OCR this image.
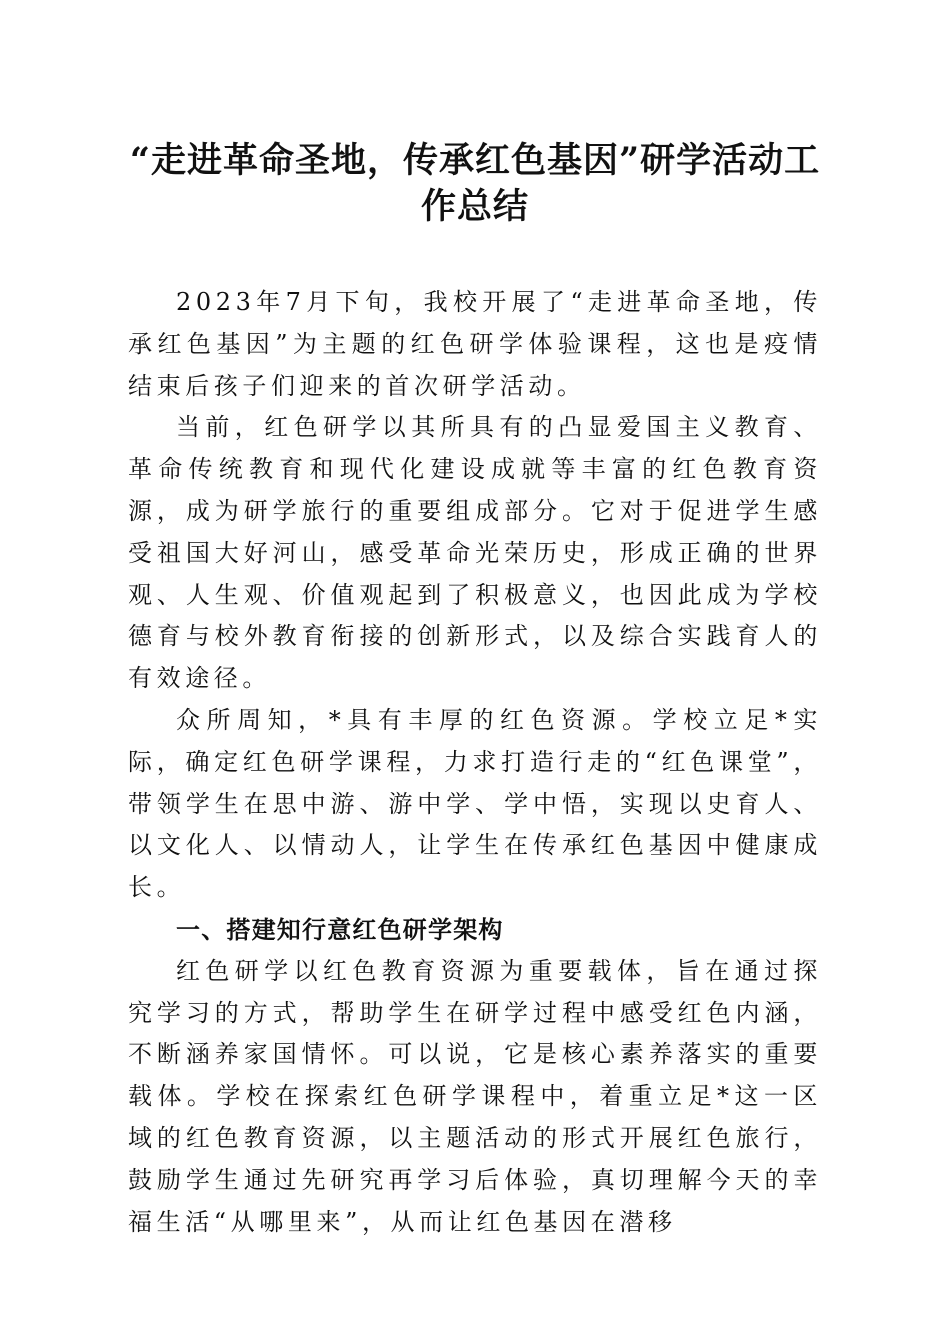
“走进革命圣地，传承红色基因”研学活动工
作总结

2023年7月下旬，我校开展了“走进革命圣地，传承红色基因”为主题的红色研学体验课程，这也是疫情结束后孩子们迎来的首次研学活动。

当前，红色研学以其所具有的凸显爱国主义教育、革命传统教育和现代化建设成就等丰富的红色教育资源，成为研学旅行的重要组成部分。它对于促进学生感受祖国大好河山，感受革命光荣历史，形成正确的世界观、人生观、价值观起到了积极意义，也因此成为学校德育与校外教育衔接的创新形式，以及综合实践育人的有效途径。

众所周知，*具有丰厚的红色资源。学校立足*实际，确定红色研学课程，力求打造行走的“红色课堂”，带领学生在思中游、游中学、学中悟，实现以史育人、以文化人、以情动人，让学生在传承红色基因中健康成长。

一、搭建知行意红色研学架构

红色研学以红色教育资源为重要载体，旨在通过探究学习的方式，帮助学生在研学过程中感受红色内涵，不断涵养家国情怀。可以说，它是核心素养落实的重要载体。学校在探索红色研学课程中，着重立足*这一区域的红色教育资源，以主题活动的形式开展红色旅行，鼓励学生通过先研究再学习后体验，真切理解今天的幸福生活“从哪里来”，从而让红色基因在潜移
